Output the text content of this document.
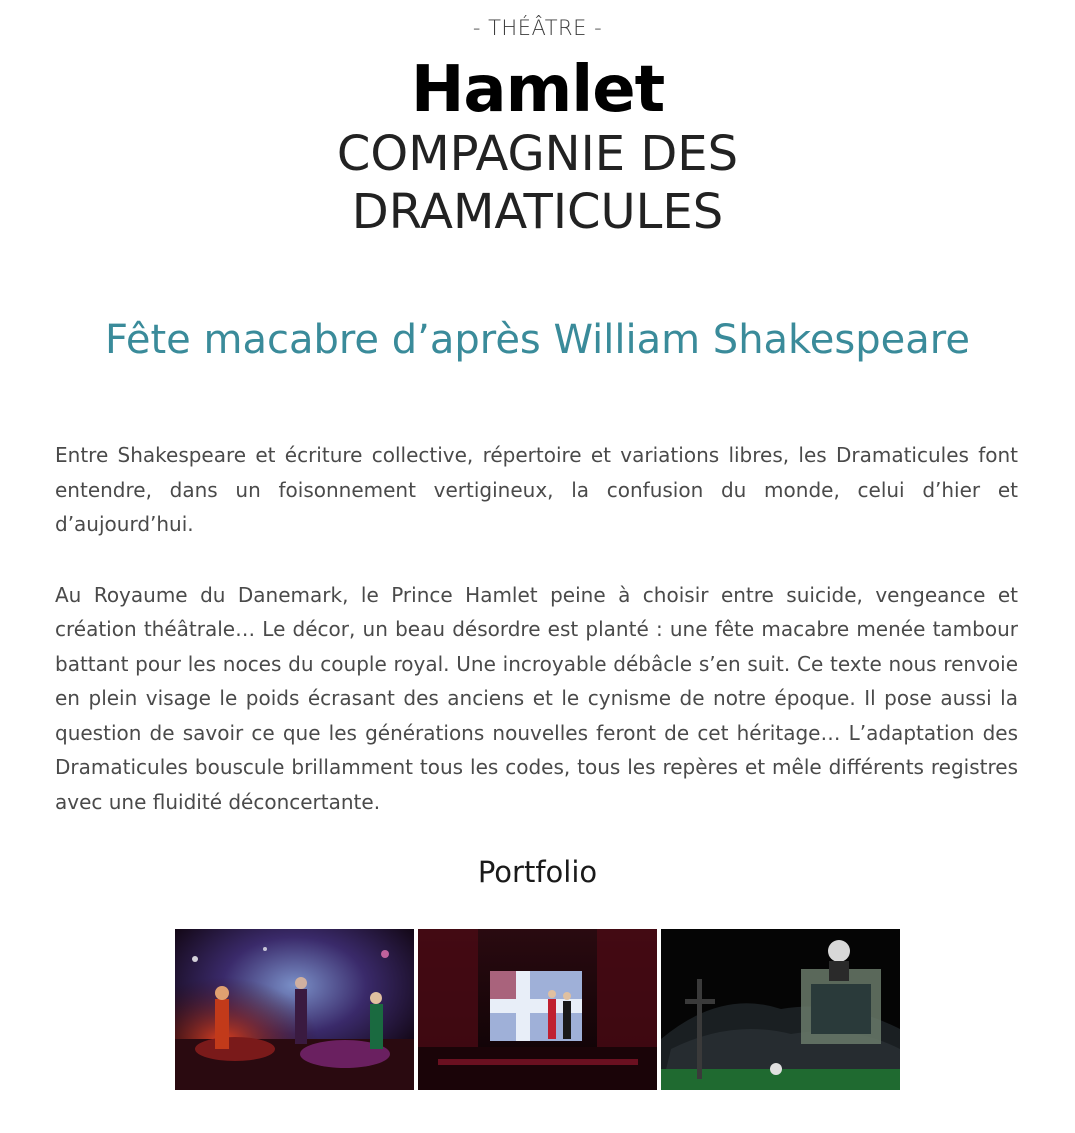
- THÉÂTRE -
Hamlet
COMPAGNIE DES
DRAMATICULES
Fête macabre d’après William Shakespeare

Entre Shakespeare et écriture collective, répertoire et variations libres, les Dramaticules font entendre, dans un foisonnement vertigineux, la confusion du monde, celui d’hier et d’aujourd’hui.

Au Royaume du Danemark, le Prince Hamlet peine à choisir entre suicide, vengeance et création théâtrale… Le décor, un beau désordre est planté : une fête macabre menée tambour battant pour les noces du couple royal. Une incroyable débâcle s’en suit. Ce texte nous renvoie en plein visage le poids écrasant des anciens et le cynisme de notre époque. Il pose aussi la question de savoir ce que les générations nouvelles feront de cet héritage… L’adaptation des Dramaticules bouscule brillamment tous les codes, tous les repères et mêle différents registres avec une fluidité déconcertante.

Portfolio
